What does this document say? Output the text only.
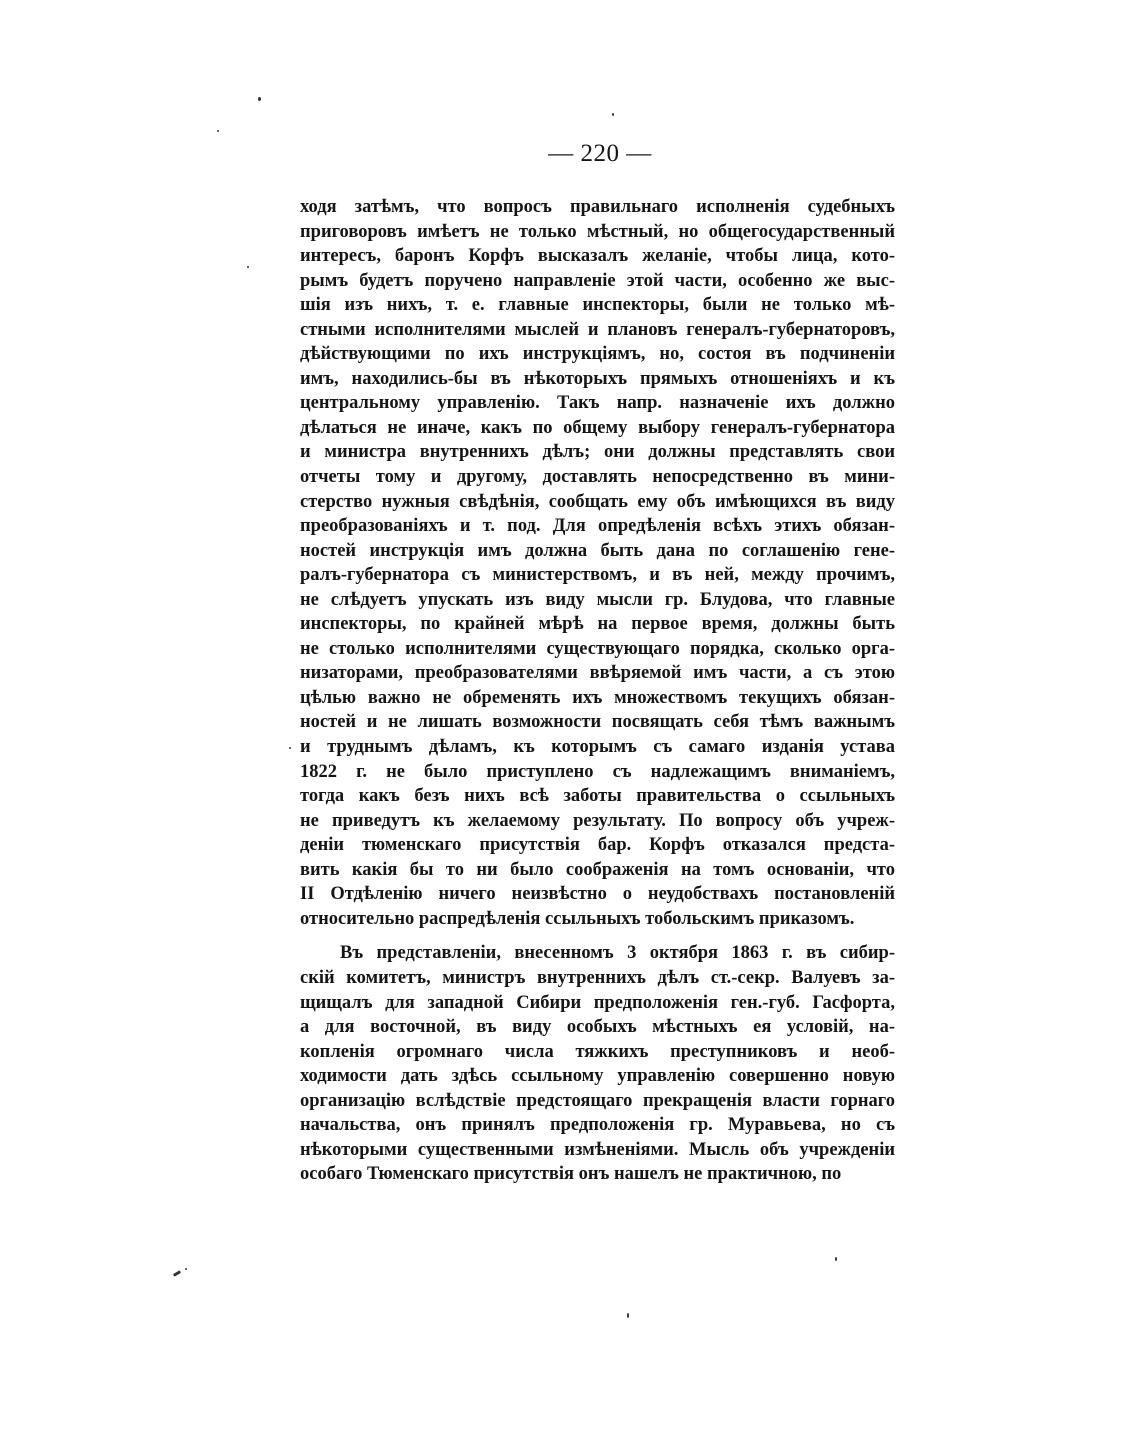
— 220 —
ходя затѣмъ, что вопросъ правильнаго исполненія судебныхъ
приговоровъ имѣетъ не только мѣстный, но общегосударственный
интересъ, баронъ Корфъ высказалъ желаніе, чтобы лица, кото-
рымъ будетъ поручено направленіе этой части, особенно же выс-
шія изъ нихъ, т. е. главные инспекторы, были не только мѣ-
стными исполнителями мыслей и плановъ генералъ-губернаторовъ,
дѣйствующими по ихъ инструкціямъ, но, состоя въ подчиненіи
имъ, находились-бы въ нѣкоторыхъ прямыхъ отношеніяхъ и къ
центральному управленію. Такъ напр. назначеніе ихъ должно
дѣлаться не иначе, какъ по общему выбору генералъ-губернатора
и министра внутреннихъ дѣлъ; они должны представлять свои
отчеты тому и другому, доставлять непосредственно въ мини-
стерство нужныя свѣдѣнія, сообщать ему объ имѣющихся въ виду
преобразованіяхъ и т. под. Для опредѣленія всѣхъ этихъ обязан-
ностей инструкція имъ должна быть дана по соглашенію гене-
ралъ-губернатора съ министерствомъ, и въ ней, между прочимъ,
не слѣдуетъ упускать изъ виду мысли гр. Блудова, что главные
инспекторы, по крайней мѣрѣ на первое время, должны быть
не столько исполнителями существующаго порядка, сколько орга-
низаторами, преобразователями ввѣряемой имъ части, а съ этою
цѣлью важно не обременять ихъ множествомъ текущихъ обязан-
ностей и не лишать возможности посвящать себя тѣмъ важнымъ
и труднымъ дѣламъ, къ которымъ съ самаго изданія устава
1822 г. не было приступлено съ надлежащимъ вниманіемъ,
тогда какъ безъ нихъ всѣ заботы правительства о ссыльныхъ
не приведутъ къ желаемому результату. По вопросу объ учреж-
деніи тюменскаго присутствія бар. Корфъ отказался предста-
вить какія бы то ни было соображенія на томъ основаніи, что
II Отдѣленію ничего неизвѣстно о неудобствахъ постановленій
относительно распредѣленія ссыльныхъ тобольскимъ приказомъ.
Въ представленіи, внесенномъ 3 октября 1863 г. въ сибир-
скій комитетъ, министръ внутреннихъ дѣлъ ст.-секр. Валуевъ за-
щищалъ для западной Сибири предположенія ген.-губ. Гасфорта,
а для восточной, въ виду особыхъ мѣстныхъ ея условій, на-
копленія огромнаго числа тяжкихъ преступниковъ и необ-
ходимости дать здѣсь ссыльному управленію совершенно новую
организацію вслѣдствіе предстоящаго прекращенія власти горнаго
начальства, онъ принялъ предположенія гр. Муравьева, но съ
нѣкоторыми существенными измѣненіями. Мысль объ учрежденіи
особаго Тюменскаго присутствія онъ нашелъ не практичною, по
